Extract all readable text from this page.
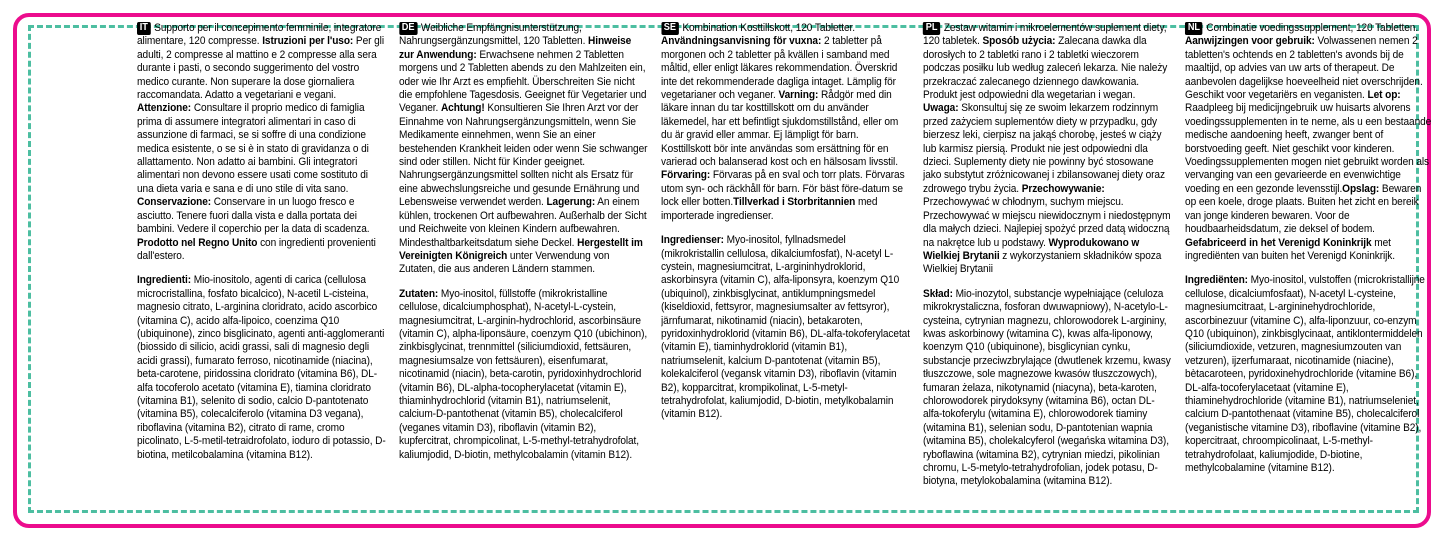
IT Supporto per il concepimento femminile, integratore alimentare, 120 compresse. Istruzioni per l'uso: Per gli adulti, 2 compresse al mattino e 2 compresse alla sera durante i pasti, o secondo suggerimento del vostro medico curante. Non superare la dose giornaliera raccomandata. Adatto a vegetariani e vegani. Attenzione: Consultare il proprio medico di famiglia prima di assumere integratori alimentari in caso di assunzione di farmaci, se si soffre di una condizione medica esistente, o se si è in stato di gravidanza o di allattamento. Non adatto ai bambini. Gli integratori alimentari non devono essere usati come sostituto di una dieta varia e sana e di uno stile di vita sano. Conservazione: Conservare in un luogo fresco e asciutto. Tenere fuori dalla vista e dalla portata dei bambini. Vedere il coperchio per la data di scadenza. Prodotto nel Regno Unito con ingredienti provenienti dall'estero.

Ingredienti: Mio-inositolo, agenti di carica (cellulosa microcristallina, fosfato bicalcico), N-acetil L-cisteina, magnesio citrato, L-arginina cloridrato, acido ascorbico (vitamina C), acido alfa-lipoico, coenzima Q10 (ubiquinone), zinco bisglicinato, agenti anti-agglomeranti (biossido di silicio, acidi grassi, sali di magnesio degli acidi grassi), fumarato ferroso, nicotinamide (niacina), beta-carotene, piridossina cloridrato (vitamina B6), DL-alfa tocoferolo acetato (vitamina E), tiamina cloridrato (vitamina B1), selenito di sodio, calcio D-pantotenato (vitamina B5), colecalciferolo (vitamina D3 vegana), riboflavina (vitamina B2), citrato di rame, cromo picolinato, L-5-metil-tetraidrofolato, ioduro di potassio, D-biotina, metilcobalamina (vitamina B12).

DE Weibliche Empfängnisunterstützung, Nahrungsergänzungsmittel, 120 Tabletten. Hinweise zur Anwendung: Erwachsene nehmen 2 Tabletten morgens und 2 Tabletten abends zu den Mahlzeiten ein, oder wie Ihr Arzt es empfiehlt. Überschreiten Sie nicht die empfohlene Tagesdosis. Geeignet für Vegetarier und Veganer. Achtung! Konsultieren Sie Ihren Arzt vor der Einnahme von Nahrungsergänzungsmitteln, wenn Sie Medikamente einnehmen, wenn Sie an einer bestehenden Krankheit leiden oder wenn Sie schwanger sind oder stillen. Nicht für Kinder geeignet. Nahrungsergänzungsmittel sollten nicht als Ersatz für eine abwechslungsreiche und gesunde Ernährung und Lebensweise verwendet werden. Lagerung: An einem kühlen, trockenen Ort aufbewahren. Außerhalb der Sicht und Reichweite von kleinen Kindern aufbewahren. Mindesthaltbarkeitsdatum siehe Deckel. Hergestellt im Vereinigten Königreich unter Verwendung von Zutaten, die aus anderen Ländern stammen.

Zutaten: Myo-inositol, füllstoffe (mikrokristalline cellulose, dicalciumphosphat), N-acetyl-L-cystein, magnesiumcitrat, L-arginin-hydrochlorid, ascorbinsäure (vitamin C), alpha-liponsäure, coenzym Q10 (ubichinon), zinkbisglycinat, trennmittel (siliciumdioxid, fettsäuren, magnesiumsalze von fettsäuren), eisenfumarat, nicotinamid (niacin), beta-carotin, pyridoxinhydrochlorid (vitamin B6), DL-alpha-tocopherylacetat (vitamin E), thiaminhydrochlorid (vitamin B1), natriumselenit, calcium-D-pantothenat (vitamin B5), cholecalciferol (veganes vitamin D3), riboflavin (vitamin B2), kupfercitrat, chrompicolinat, L-5-methyl-tetrahydrofolat, kaliumjodid, D-biotin, methylcobalamin (vitamin B12).

SE Kombination Kosttillskott, 120 Tabletter. Användningsanvisning för vuxna: 2 tabletter på morgonen och 2 tabletter på kvällen i samband med måltid, eller enligt läkares rekommendation. Överskrid inte det rekommenderade dagliga intaget. Lämplig för vegetarianer och veganer. Varning: Rådgör med din läkare innan du tar kosttillskott om du använder läkemedel, har ett befintligt sjukdomstillstånd, eller om du är gravid eller ammar. Ej lämpligt för barn. Kosttillskott bör inte användas som ersättning för en varierad och balanserad kost och en hälsosam livsstil. Förvaring: Förvaras på en sval och torr plats. Förvaras utom syn- och räckhåll för barn. För bäst före-datum se lock eller botten.Tillverkad i Storbritannien med importerade ingredienser.

Ingredienser: Myo-inositol, fyllnadsmedel (mikrokristallin cellulosa, dikalciumfosfat), N-acetyl L-cystein, magnesiumcitrat, L-argininhydroklorid, askorbinsyra (vitamin C), alfa-liponsyra, koenzym Q10 (ubiquinol), zinkbisglycinat, antiklumpningsmedel (kiseldioxid, fettsyror, magnesiumsalter av fettsyror), järnfumarat, nikotinamid (niacin), betakaroten, pyridoxinhydroklorid (vitamin B6), DL-alfa-tokoferylacetat (vitamin E), tiaminhydroklorid (vitamin B1), natriumselenit, kalcium D-pantotenat (vitamin B5), kolekalciferol (vegansk vitamin D3), riboflavin (vitamin B2), kopparcitrat, krompikolinat, L-5-metyl-tetrahydrofolat, kaliumjodid, D-biotin, metylkobalamin (vitamin B12).

PL Zestaw witamin i mikroelementów suplement diety, 120 tabletek. Sposób użycia: Zalecana dawka dla dorosłych to 2 tabletki rano i 2 tabletki wieczorem podczas posiłku lub według zaleceń lekarza. Nie należy przekraczać zalecanego dziennego dawkowania. Produkt jest odpowiedni dla wegetarian i wegan. Uwaga: Skonsultuj się ze swoim lekarzem rodzinnym przed zażyciem suplementów diety w przypadku, gdy bierzesz leki, cierpisz na jakąś chorobę, jesteś w ciąży lub karmisz piersią. Produkt nie jest odpowiedni dla dzieci. Suplementy diety nie powinny być stosowane jako substytut zróżnicowanej i zbilansowanej diety oraz zdrowego trybu życia. Przechowywanie: Przechowywać w chłodnym, suchym miejscu. Przechowywać w miejscu niewidocznym i niedostępnym dla małych dzieci. Najlepiej spożyć przed datą widoczną na nakrętce lub u podstawy. Wyprodukowano w Wielkiej Brytanii z wykorzystaniem składników spoza Wielkiej Brytanii

Skład: Mio-inozytol, substancje wypełniające (celuloza mikrokrystaliczna, fosforan dwuwapniowy), N-acetylo-L-cysteina, cytrynian magnezu, chlorowodorek L-argininy, kwas askorbinowy (witamina C), kwas alfa-liponowy, koenzym Q10 (ubiquinone), bisglicynian cynku, substancje przeciwzbrylające (dwutlenek krzemu, kwasy tłuszczowe, sole magnezowe kwasów tłuszczowych), fumaran żelaza, nikotynamid (niacyna), beta-karoten, chlorowodorek pirydoksyny (witamina B6), octan DL-alfa-tokoferylu (witamina E), chlorowodorek tiaminy (witamina B1), selenian sodu, D-pantotenian wapnia (witamina B5), cholekalcyferol (wegańska witamina D3), ryboflawina (witamina B2), cytrynian miedzi, pikolinian chromu, L-5-metylo-tetrahydrofolian, jodek potasu, D-biotyna, metylokobalamina (witamina B12).

NL Combinatie voedingssupplement, 120 Tabletten. Aanwijzingen voor gebruik: Volwassenen nemen 2 tabletten's ochtends en 2 tabletten's avonds bij de maaltijd, op advies van uw arts of therapeut. De aanbevolen dagelijkse hoeveelheid niet overschrijden. Geschikt voor vegetariërs en veganisten. Let op: Raadpleeg bij medicijngebruik uw huisarts alvorens voedingssupplementen in te neme, als u een bestaande medische aandoening heeft, zwanger bent of borstvoeding geeft. Niet geschikt voor kinderen. Voedingssupplementen mogen niet gebruikt worden als vervanging van een gevarieerde en evenwichtige voeding en een gezonde levensstijl.Opslag: Bewaren op een koele, droge plaats. Buiten het zicht en bereik van jonge kinderen bewaren. Voor de houdbaarheidsdatum, zie deksel of bodem. Gefabriceerd in het Verenigd Koninkrijk met ingrediënten van buiten het Verenigd Koninkrijk.

Ingrediënten: Myo-inositol, vulstoffen (microkristallijne cellulose, dicalciumfosfaat), N-acetyl L-cysteine, magnesiumcitraat, L-argininehydrochloride, ascorbinezuur (vitamine C), alfa-liponzuur, co-enzym Q10 (ubiquinon), zinkbisglycinaat, antiklontermiddelen (siliciumdioxide, vetzuren, magnesiumzouten van vetzuren), ijzerfumaraat, nicotinamide (niacine), bètacaroteen, pyridoxinehydrochloride (vitamine B6), DL-alfa-tocoferylacetaat (vitamine E), thiaminehydrochloride (vitamine B1), natriumseleniet, calcium D-pantothenaat (vitamine B5), cholecalciferol (veganistische vitamine D3), riboflavine (vitamine B2), kopercitraat, chroompicolinaat, L-5-methyl-tetrahydrofolaat, kaliumjodide, D-biotine, methylcobalamine (vitamine B12).
